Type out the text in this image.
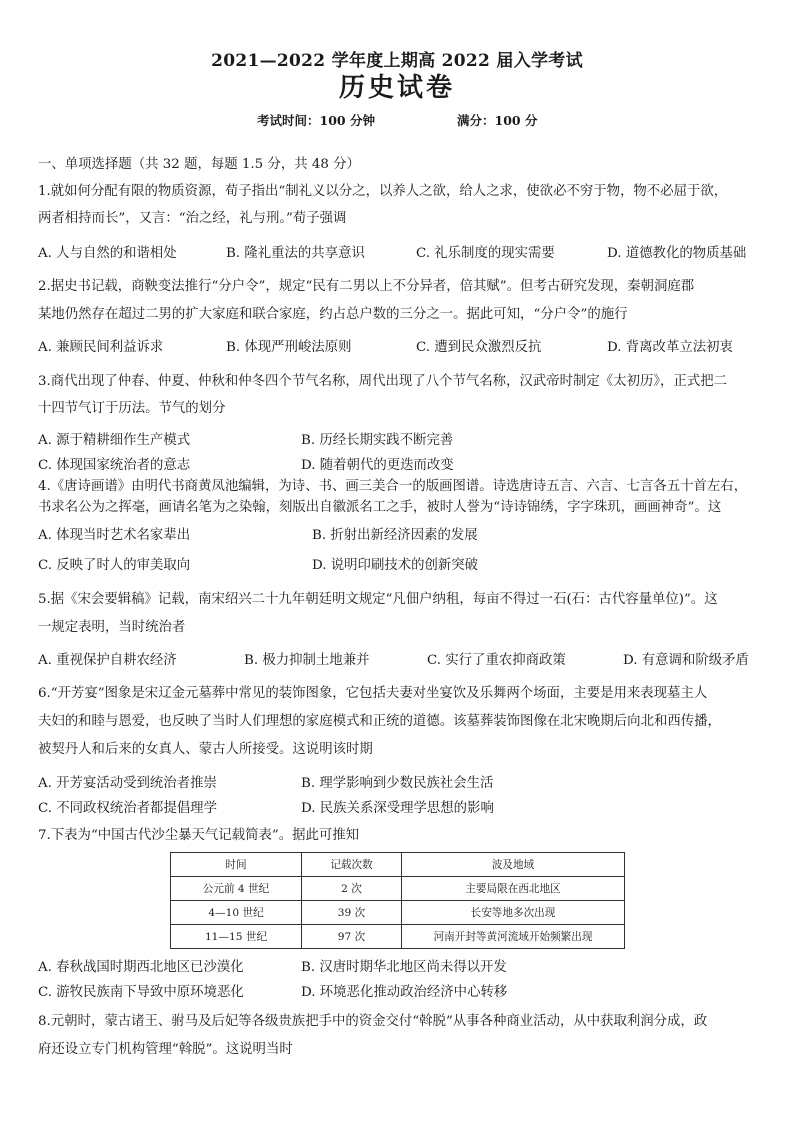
2021—2022 学年度上期高 2022 届入学考试
历史试卷
考试时间：100 分钟	满分：100 分
一、单项选择题（共 32 题，每题 1.5 分，共 48 分）
1.就如何分配有限的物质资源，荀子指出“制礼义以分之，以养人之欲，给人之求，使欲必不穷于物，物不必屈于欲，
两者相持而长”，又言：“治之经，礼与刑。”荀子强调
A. 人与自然的和谐相处	B. 隆礼重法的共享意识	C. 礼乐制度的现实需要	D. 道德教化的物质基础
2.据史书记载，商鞅变法推行“分户令”，规定“民有二男以上不分异者，倍其赋”。但考古研究发现，秦朝洞庭郡
某地仍然存在超过二男的扩大家庭和联合家庭，约占总户数的三分之一。据此可知，“分户令”的施行
A. 兼顾民间利益诉求	B. 体现严刑峻法原则	C. 遭到民众激烈反抗	D. 背离改革立法初衷
3.商代出现了仲春、仲夏、仲秋和仲冬四个节气名称，周代出现了八个节气名称，汉武帝时制定《太初历》，正式把二
十四节气订于历法。节气的划分
A. 源于精耕细作生产模式	B. 历经长期实践不断完善
C. 体现国家统治者的意志	D. 随着朝代的更迭而改变
4.《唐诗画谱》由明代书商黄凤池编辑，为诗、书、画三美合一的版画图谱。诗选唐诗五言、六言、七言各五十首左右，
书求名公为之挥毫，画请名笔为之染翰，刻版出自徽派名工之手，被时人誉为“诗诗锦绣，字字珠玑，画画神奇”。这
A. 体现当时艺术名家辈出	B. 折射出新经济因素的发展
C. 反映了时人的审美取向	D. 说明印刷技术的创新突破
5.据《宋会要辑稿》记载，南宋绍兴二十九年朝廷明文规定“凡佃户纳租，每亩不得过一石(石：古代容量单位)”。这
一规定表明，当时统治者
A. 重视保护自耕农经济	B. 极力抑制土地兼并	C. 实行了重农抑商政策	D. 有意调和阶级矛盾
6.“开芳宴”图象是宋辽金元墓葬中常见的装饰图象，它包括夫妻对坐宴饮及乐舞两个场面，主要是用来表现墓主人
夫妇的和睦与恩爱，也反映了当时人们理想的家庭模式和正统的道德。该墓葬装饰图像在北宋晚期后向北和西传播，
被契丹人和后来的女真人、蒙古人所接受。这说明该时期
A. 开芳宴活动受到统治者推崇	B. 理学影响到少数民族社会生活
C. 不同政权统治者都提倡理学	D. 民族关系深受理学思想的影响
7.下表为“中国古代沙尘暴天气记载简表”。据此可推知
时间	记载次数	波及地域
公元前 4 世纪	2 次	主要局限在西北地区
4—10 世纪	39 次	长安等地多次出现
11—15 世纪	97 次	河南开封等黄河流域开始频繁出现
A. 春秋战国时期西北地区已沙漠化	B. 汉唐时期华北地区尚未得以开发
C. 游牧民族南下导致中原环境恶化	D. 环境恶化推动政治经济中心转移
8.元朝时，蒙古诸王、驸马及后妃等各级贵族把手中的资金交付“斡脱”从事各种商业活动，从中获取利润分成，政
府还设立专门机构管理“斡脱”。这说明当时
